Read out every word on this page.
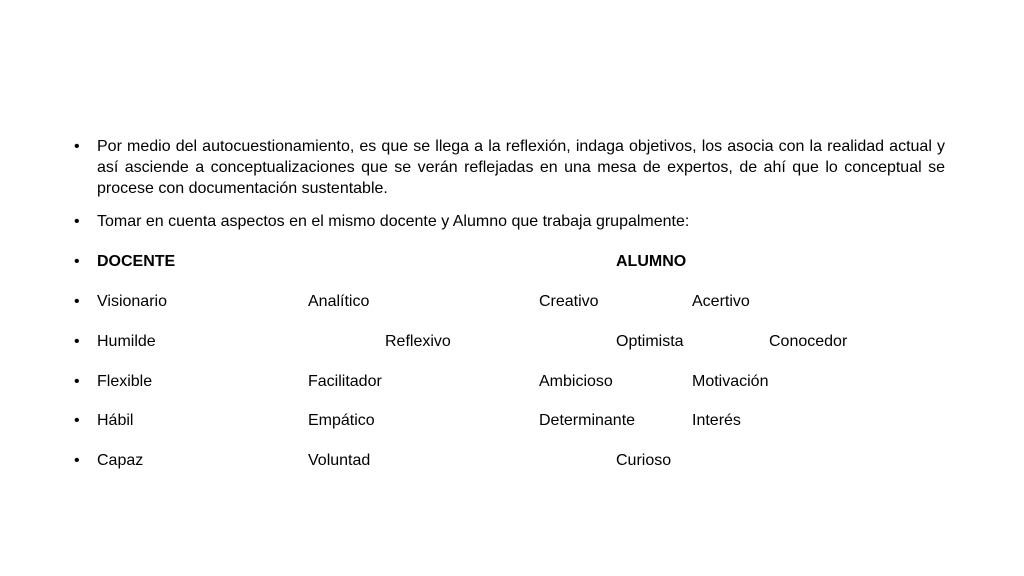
• Por medio del autocuestionamiento, es que se llega a la reflexión, indaga objetivos, los asocia con la realidad actual y así asciende a conceptualizaciones que se verán reflejadas en una mesa de expertos, de ahí que lo conceptual se procese con documentación sustentable.
• Tomar en cuenta aspectos en el mismo docente y Alumno que trabaja grupalmente:
• DOCENTE	ALUMNO
• Visionario	Analítico	Creativo	Acertivo
• Humilde	Reflexivo	Optimista	Conocedor
• Flexible	Facilitador	Ambicioso	Motivación
• Hábil	Empático	Determinante	Interés
• Capaz	Voluntad	Curioso
